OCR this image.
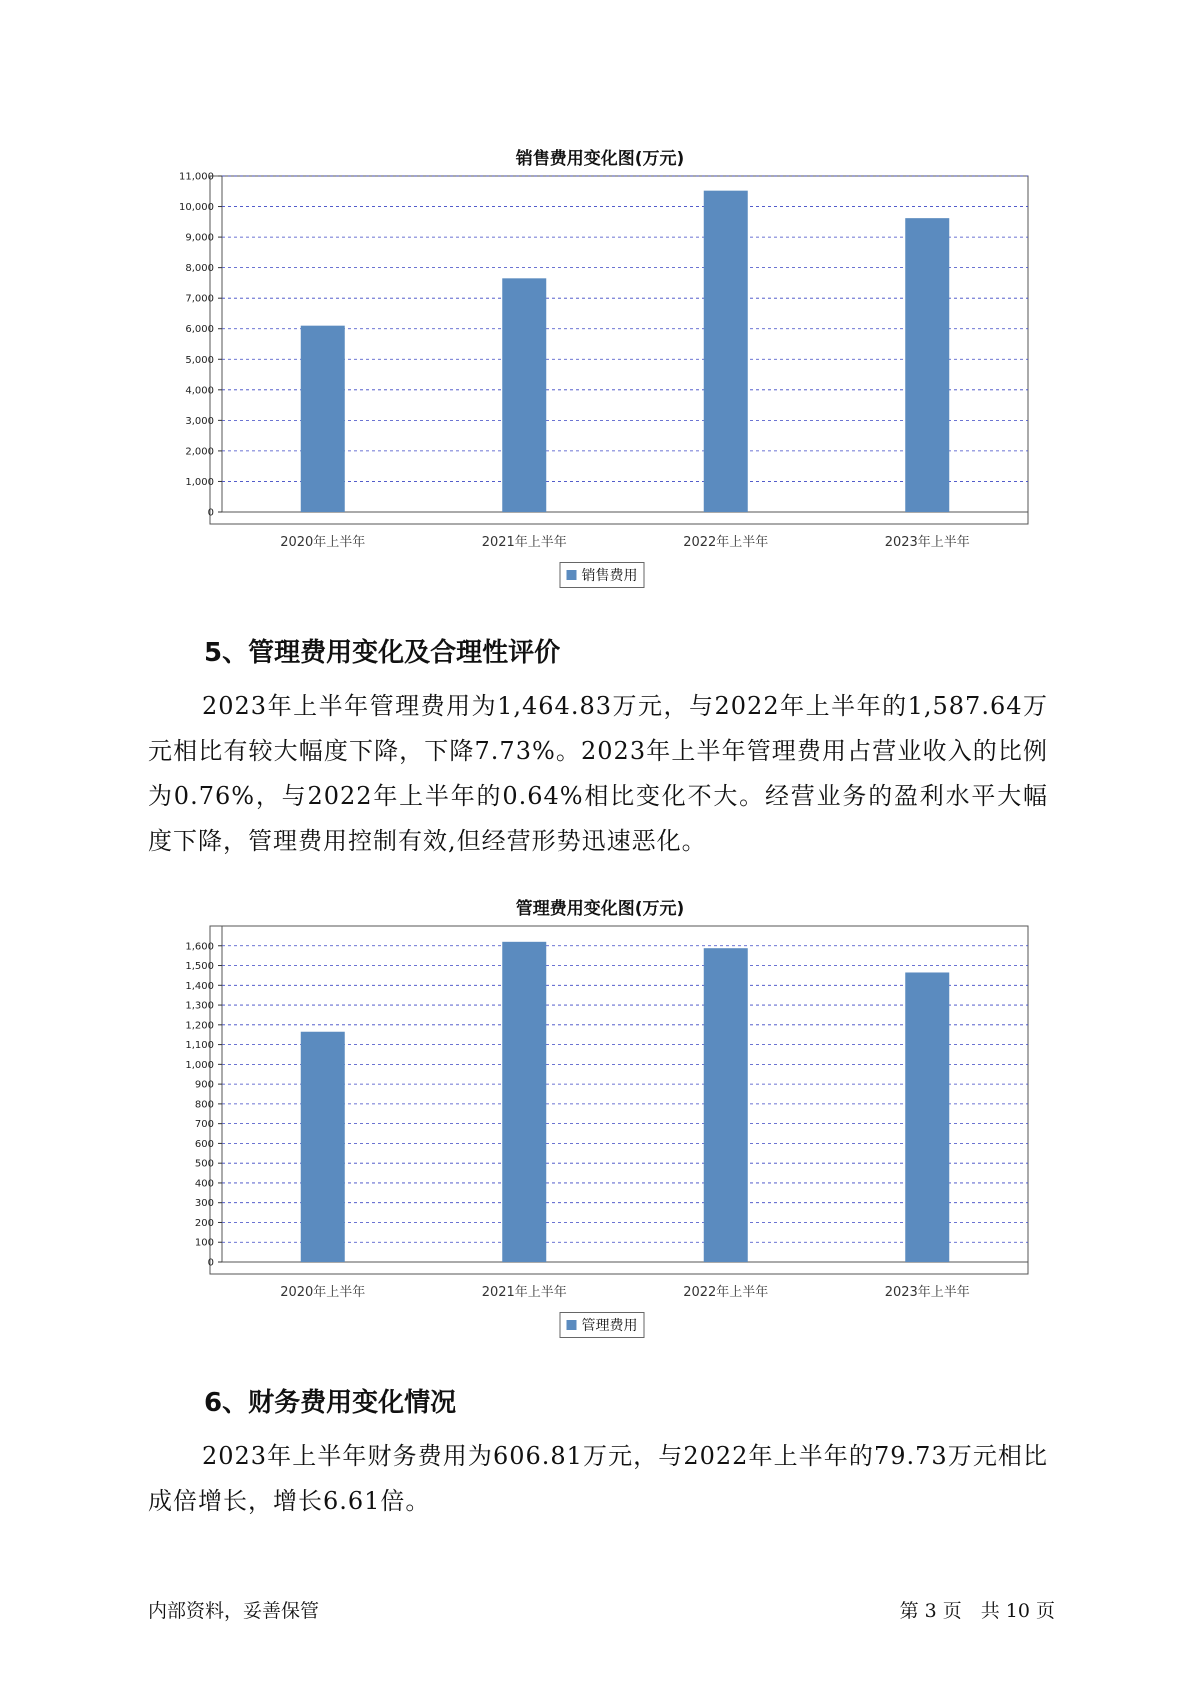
销售费用变化图(万元)
0
1,000
2,000
3,000
4,000
5,000
6,000
7,000
8,000
9,000
10,000
11,000
2020年上半年	2021年上半年	2022年上半年	2023年上半年
销售费用
5、管理费用变化及合理性评价

2023年上半年管理费用为1,464.83万元，与2022年上半年的1,587.64万元相比有较大幅度下降，下降7.73%。2023年上半年管理费用占营业收入的比例为0.76%，与2022年上半年的0.64%相比变化不大。经营业务的盈利水平大幅度下降，管理费用控制有效,但经营形势迅速恶化。

管理费用变化图(万元)
0
100
200
300
400
500
600
700
800
900
1,000
1,100
1,200
1,300
1,400
1,500
1,600
2020年上半年	2021年上半年	2022年上半年	2023年上半年
管理费用
6、财务费用变化情况

2023年上半年财务费用为606.81万元，与2022年上半年的79.73万元相比成倍增长，增长6.61倍。

内部资料，妥善保管	第 3 页　共 10 页
